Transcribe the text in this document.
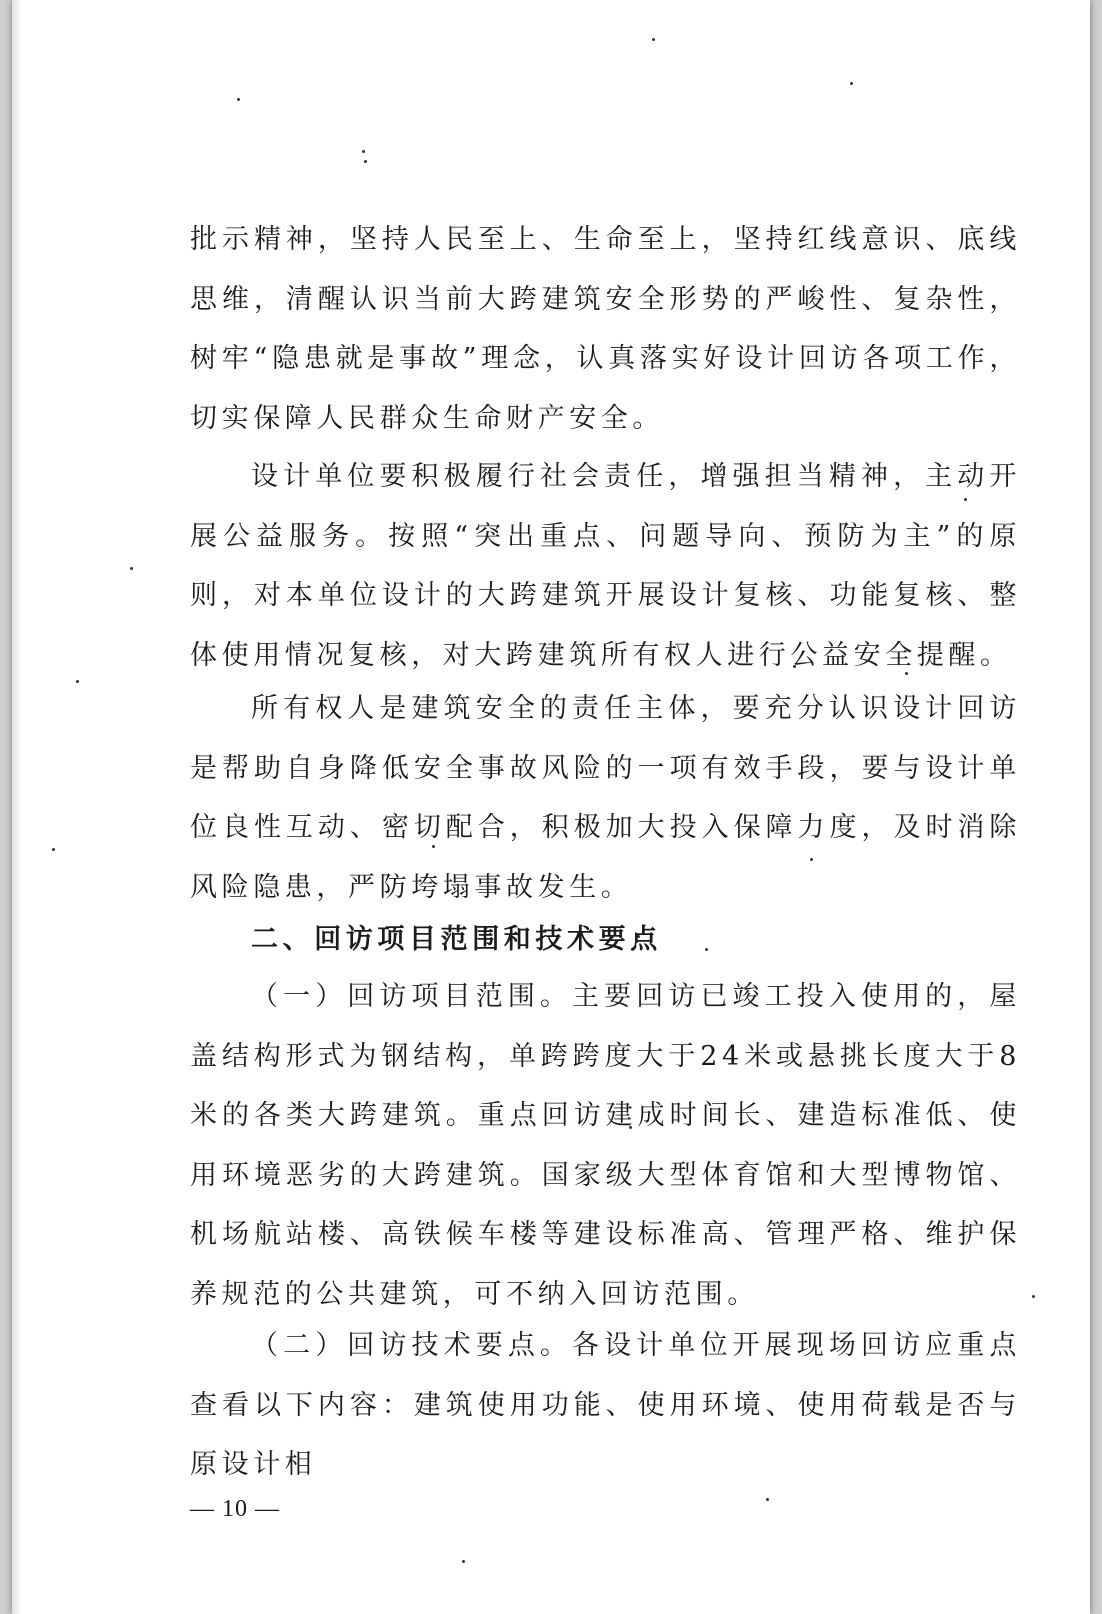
批示精神，坚持人民至上、生命至上，坚持红线意识、底线思维，清醒认识当前大跨建筑安全形势的严峻性、复杂性，树牢“隐患就是事故”理念，认真落实好设计回访各项工作，切实保障人民群众生命财产安全。

设计单位要积极履行社会责任，增强担当精神，主动开展公益服务。按照“突出重点、问题导向、预防为主”的原则，对本单位设计的大跨建筑开展设计复核、功能复核、整体使用情况复核，对大跨建筑所有权人进行公益安全提醒。

所有权人是建筑安全的责任主体，要充分认识设计回访是帮助自身降低安全事故风险的一项有效手段，要与设计单位良性互动、密切配合，积极加大投入保障力度，及时消除风险隐患，严防垮塌事故发生。

二、回访项目范围和技术要点

（一）回访项目范围。主要回访已竣工投入使用的，屋盖结构形式为钢结构，单跨跨度大于24米或悬挑长度大于8米的各类大跨建筑。重点回访建成时间长、建造标准低、使用环境恶劣的大跨建筑。国家级大型体育馆和大型博物馆、机场航站楼、高铁候车楼等建设标准高、管理严格、维护保养规范的公共建筑，可不纳入回访范围。

（二）回访技术要点。各设计单位开展现场回访应重点查看以下内容：建筑使用功能、使用环境、使用荷载是否与原设计相

— 10 —
